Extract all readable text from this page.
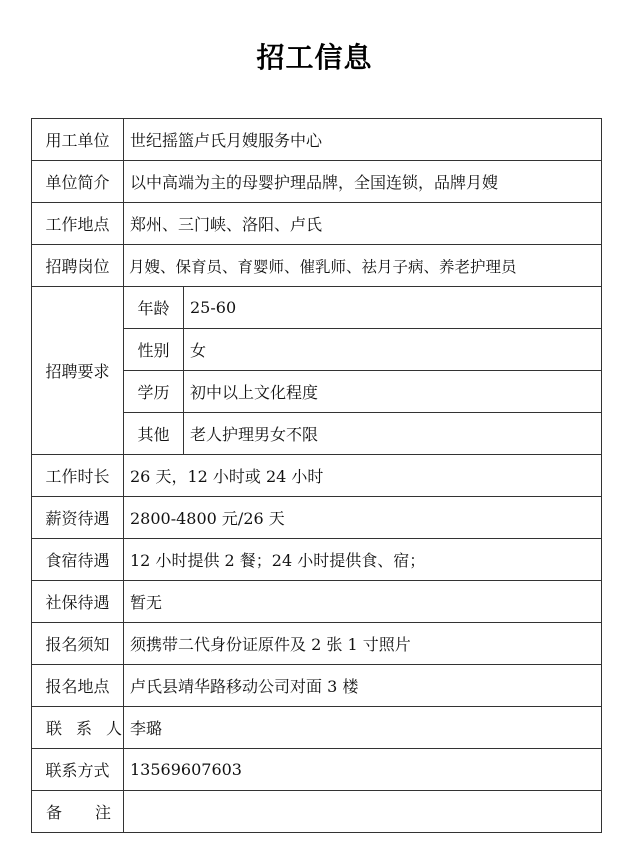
招工信息
用工单位	世纪摇篮卢氏月嫂服务中心	
单位简介	以中高端为主的母婴护理品牌，全国连锁，品牌月嫂	
工作地点	郑州、三门峡、洛阳、卢氏	
招聘岗位	月嫂、保育员、育婴师、催乳师、祛月子病、养老护理员	
招聘要求	年龄	25-60
	性别	女
	学历	初中以上文化程度
	其他	老人护理男女不限
工作时长	26 天，12 小时或 24 小时	
薪资待遇	2800-4800 元/26 天	
食宿待遇	12 小时提供 2 餐；24 小时提供食、宿；	
社保待遇	暂无	
报名须知	须携带二代身份证原件及 2 张 1 寸照片	
报名地点	卢氏县靖华路移动公司对面 3 楼	
联系人	李璐	
联系方式	13569607603	
备注		
